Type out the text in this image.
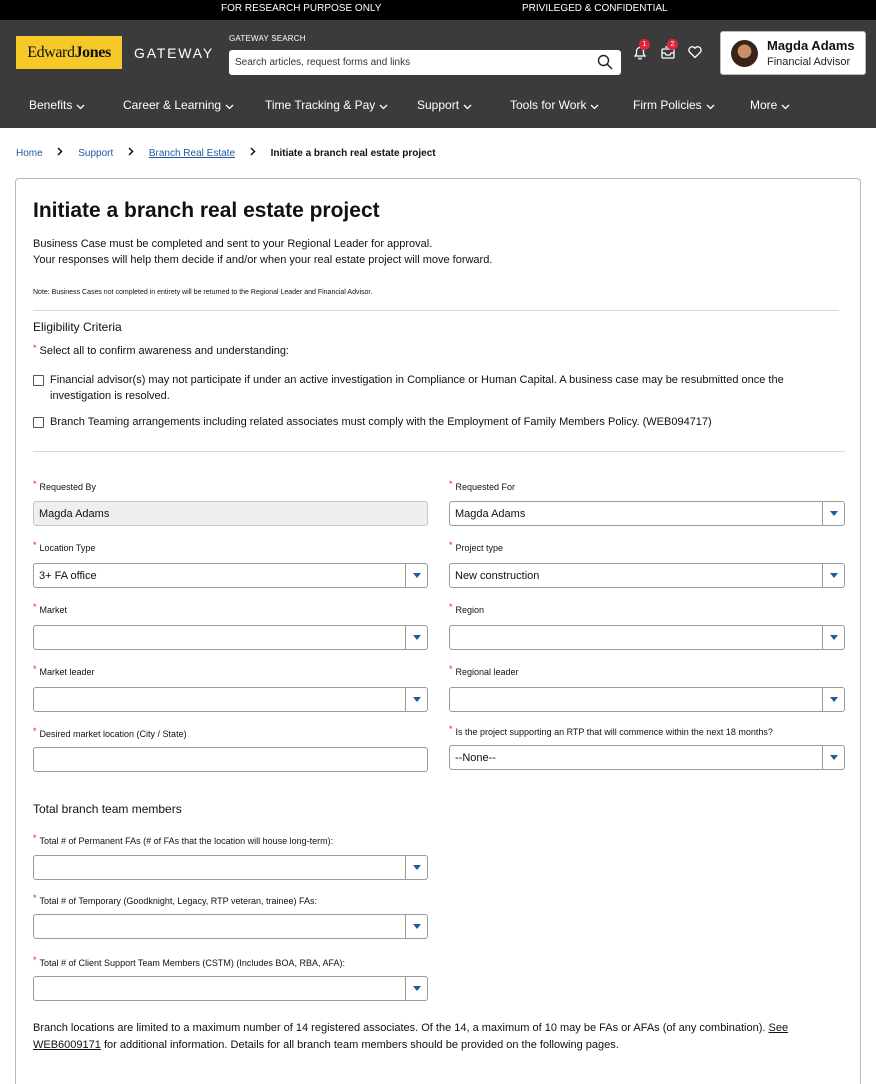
FOR RESEARCH PURPOSE ONLY	PRIVILEGED & CONFIDENTIAL
EdwardJones	GATEWAY
GATEWAY SEARCH
Search articles, request forms and links
1	2	Magda Adams
Financial Advisor
Benefits	Career & Learning	Time Tracking & Pay	Support	Tools for Work	Firm Policies	More
Home	Support	Branch Real Estate	Initiate a branch real estate project
Initiate a branch real estate project
Business Case must be completed and sent to your Regional Leader for approval.
Your responses will help them decide if and/or when your real estate project will move forward.
Note: Business Cases not completed in entirety will be returned to the Regional Leader and Financial Advisor.
Eligibility Criteria
* Select all to confirm awareness and understanding:
Financial advisor(s) may not participate if under an active investigation in Compliance or Human Capital. A business case may be resubmitted once the investigation is resolved.
Branch Teaming arrangements including related associates must comply with the Employment of Family Members Policy. (WEB094717)
* Requested By
Magda Adams
* Requested For
Magda Adams
* Location Type
3+ FA office
* Project type
New construction
* Market	* Region
* Market leader	* Regional leader
* Desired market location (City / State)	* Is the project supporting an RTP that will commence within the next 18 months?
--None--
Total branch team members
* Total # of Permanent FAs (# of FAs that the location will house long-term):
* Total # of Temporary (Goodknight, Legacy, RTP veteran, trainee) FAs:
* Total # of Client Support Team Members (CSTM) (Includes BOA, RBA, AFA):
Branch locations are limited to a maximum number of 14 registered associates. Of the 14, a maximum of 10 may be FAs or AFAs (of any combination). See WEB6009171 for additional information. Details for all branch team members should be provided on the following pages.
